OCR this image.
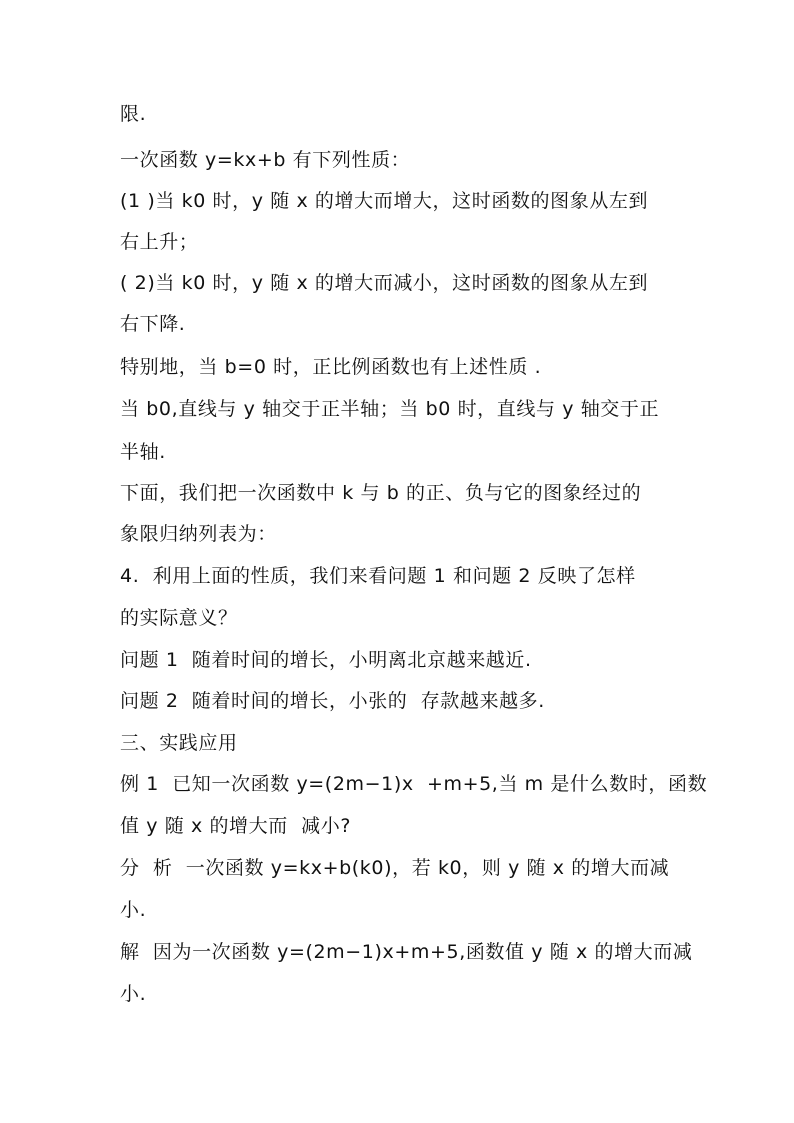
限.
一次函数 y=kx+b 有下列性质：
(1 )当 k0 时，y 随 x 的增大而增大，这时函数的图象从左到
右上升；
( 2)当 k0 时，y 随 x 的增大而减小，这时函数的图象从左到
右下降.
特别地，当 b=0 时，正比例函数也有上述性质 .
当 b0,直线与 y 轴交于正半轴；当 b0 时，直线与 y 轴交于正
半轴.
下面，我们把一次函数中 k 与 b 的正、负与它的图象经过的
象限归纳列表为：
4.  利用上面的性质，我们来看问题 1 和问题 2 反映了怎样
的实际意义？
问题 1  随着时间的增长，小明离北京越来越近.
问题 2  随着时间的增长，小张的  存款越来越多.
三、实践应用
例 1  已知一次函数 y=(2m−1)x  +m+5,当 m 是什么数时，函数
值 y 随 x 的增大而  减小?
分  析  一次函数 y=kx+b(k0)，若 k0，则 y 随 x 的增大而减
小.
解  因为一次函数 y=(2m−1)x+m+5,函数值 y 随 x 的增大而减
小.
